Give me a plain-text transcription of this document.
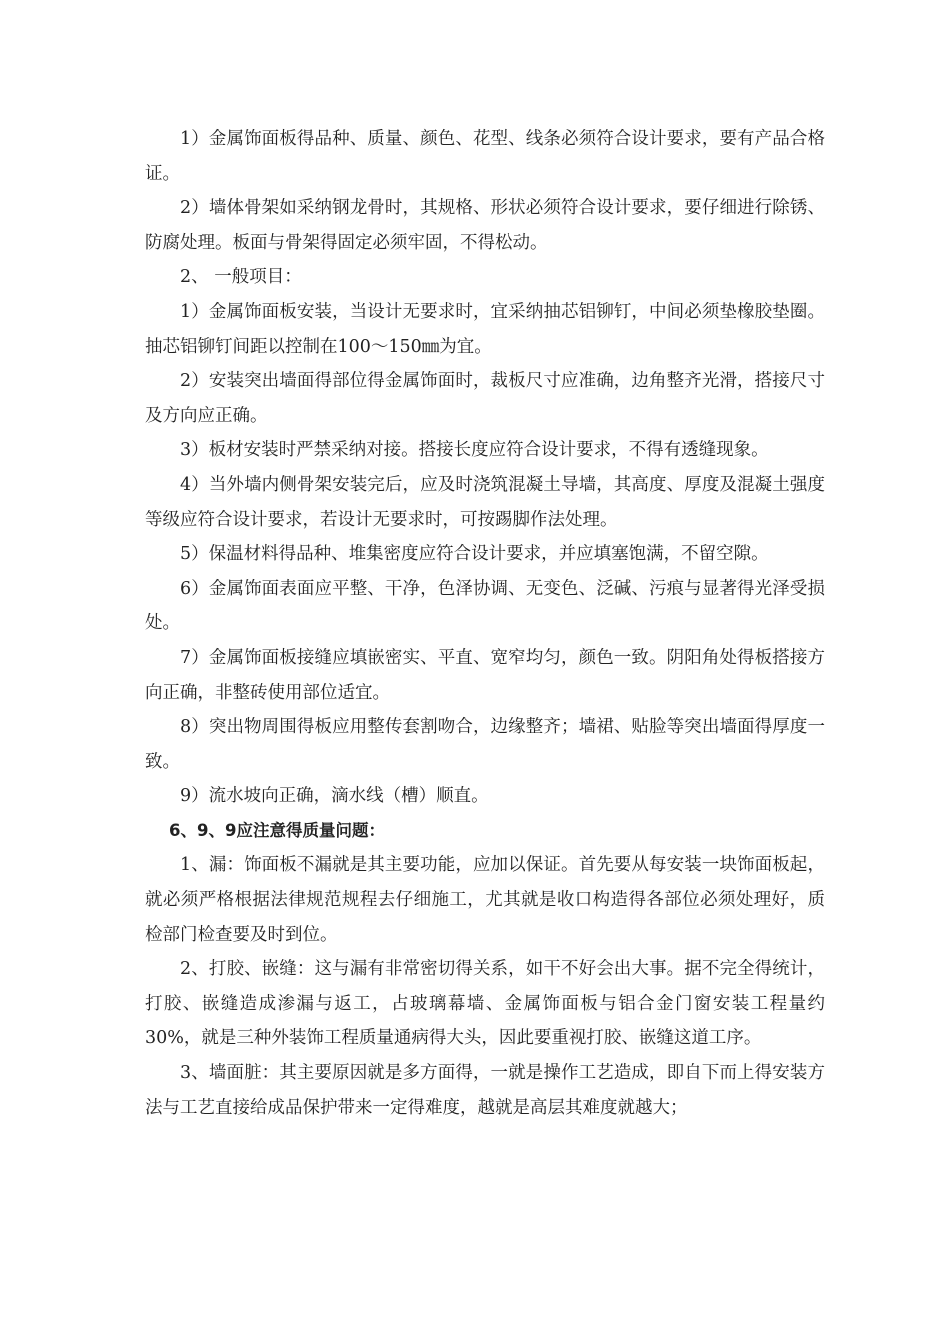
1）金属饰面板得品种、质量、颜色、花型、线条必须符合设计要求，要有产品合格证。

2）墙体骨架如采纳钢龙骨时，其规格、形状必须符合设计要求，要仔细进行除锈、防腐处理。板面与骨架得固定必须牢固，不得松动。

2、 一般项目：

1）金属饰面板安装，当设计无要求时，宜采纳抽芯铝铆钉，中间必须垫橡胶垫圈。抽芯铝铆钉间距以控制在100～150㎜为宜。

2）安装突出墙面得部位得金属饰面时，裁板尺寸应准确，边角整齐光滑，搭接尺寸及方向应正确。

3）板材安装时严禁采纳对接。搭接长度应符合设计要求，不得有透缝现象。

4）当外墙内侧骨架安装完后，应及时浇筑混凝土导墙，其高度、厚度及混凝土强度等级应符合设计要求，若设计无要求时，可按踢脚作法处理。

5）保温材料得品种、堆集密度应符合设计要求，并应填塞饱满，不留空隙。

6）金属饰面表面应平整、干净，色泽协调、无变色、泛碱、污痕与显著得光泽受损处。

7）金属饰面板接缝应填嵌密实、平直、宽窄均匀，颜色一致。阴阳角处得板搭接方向正确，非整砖使用部位适宜。

8）突出物周围得板应用整传套割吻合，边缘整齐；墙裙、贴脸等突出墙面得厚度一致。

9）流水坡向正确，滴水线（槽）顺直。

6、9、9应注意得质量问题：

1、漏：饰面板不漏就是其主要功能，应加以保证。首先要从每安装一块饰面板起，就必须严格根据法律规范规程去仔细施工，尤其就是收口构造得各部位必须处理好，质检部门检查要及时到位。

2、打胶、嵌缝：这与漏有非常密切得关系，如干不好会出大事。据不完全得统计，打胶、嵌缝造成渗漏与返工，占玻璃幕墙、金属饰面板与铝合金门窗安装工程量约30%，就是三种外装饰工程质量通病得大头，因此要重视打胶、嵌缝这道工序。

3、墙面脏：其主要原因就是多方面得，一就是操作工艺造成，即自下而上得安装方法与工艺直接给成品保护带来一定得难度，越就是高层其难度就越大；
